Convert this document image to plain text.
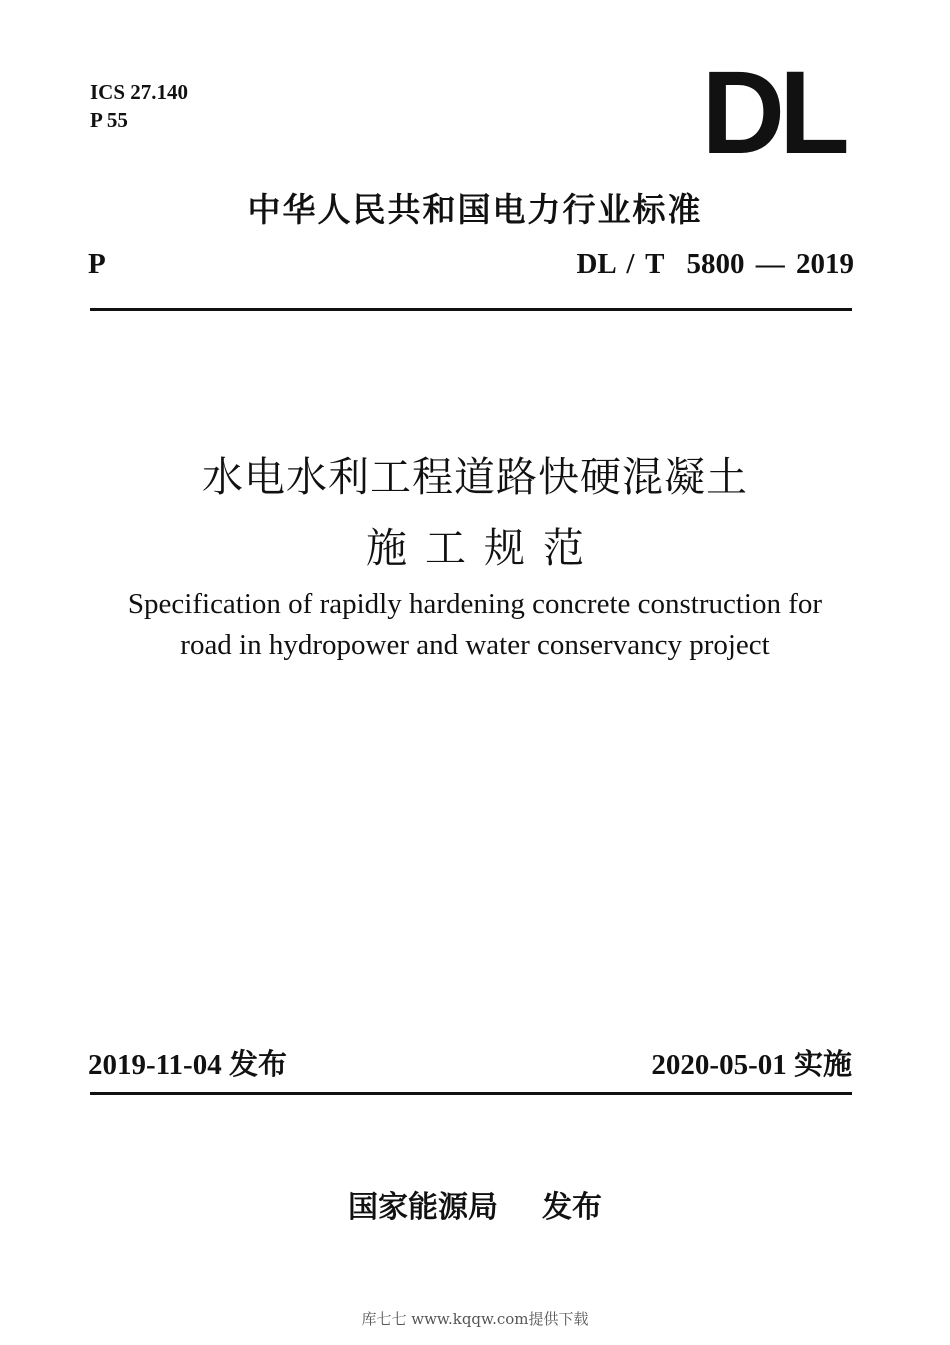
ICS 27.140
P 55	DL
中华人民共和国电力行业标准
P	DL / T  5800 — 2019
水电水利工程道路快硬混凝土
施工规范
Specification of rapidly hardening concrete construction for
road in hydropower and water conservancy project
2019-11-04 发布	2020-05-01 实施
国家能源局 发布
库七七 www.kqqw.com提供下载
